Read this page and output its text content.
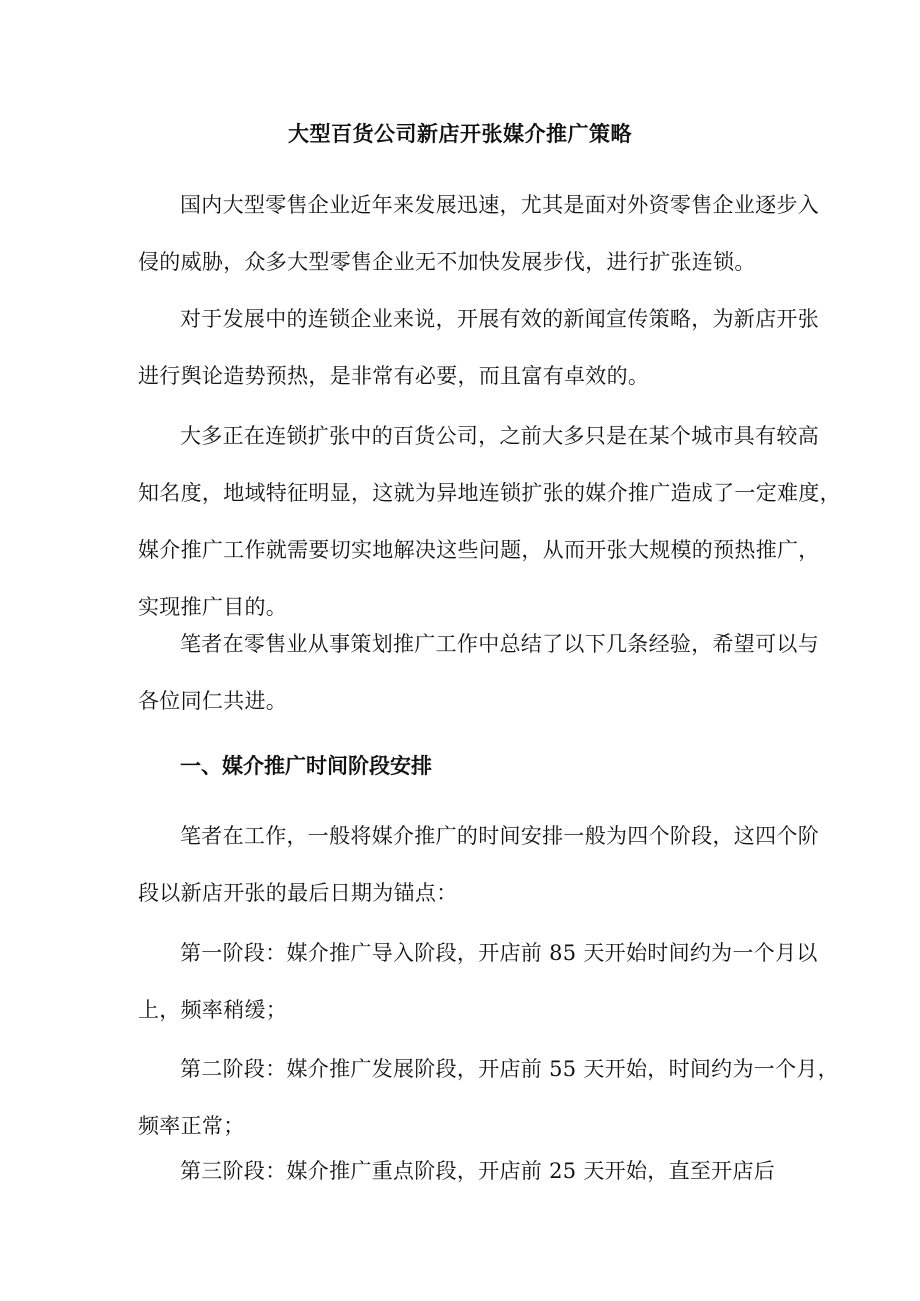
大型百货公司新店开张媒介推广策略
国内大型零售企业近年来发展迅速，尤其是面对外资零售企业逐步入
侵的威胁，众多大型零售企业无不加快发展步伐，进行扩张连锁。
对于发展中的连锁企业来说，开展有效的新闻宣传策略，为新店开张
进行舆论造势预热，是非常有必要，而且富有卓效的。
大多正在连锁扩张中的百货公司，之前大多只是在某个城市具有较高
知名度，地域特征明显，这就为异地连锁扩张的媒介推广造成了一定难度，
媒介推广工作就需要切实地解决这些问题，从而开张大规模的预热推广，
实现推广目的。
笔者在零售业从事策划推广工作中总结了以下几条经验，希望可以与
各位同仁共进。
一、媒介推广时间阶段安排
笔者在工作，一般将媒介推广的时间安排一般为四个阶段，这四个阶
段以新店开张的最后日期为锚点：
第一阶段：媒介推广导入阶段，开店前 85 天开始时间约为一个月以
上，频率稍缓；
第二阶段：媒介推广发展阶段，开店前 55 天开始，时间约为一个月，
频率正常；
第三阶段：媒介推广重点阶段，开店前 25 天开始，直至开店后
